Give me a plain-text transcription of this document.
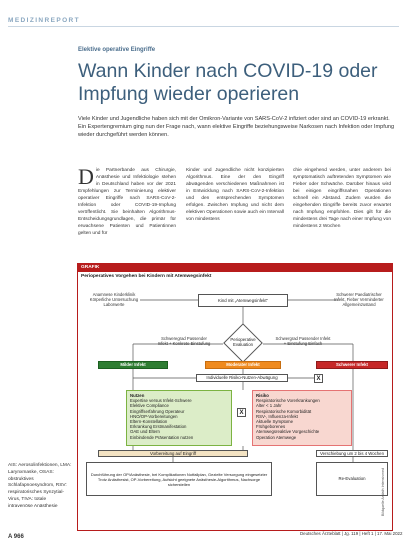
MEDIZINREPORT
Elektive operative Eingriffe
Wann Kinder nach COVID-19 oder Impfung wieder operieren
Viele Kinder und Jugendliche haben sich mit der Omikron-Variante von SARS-CoV-2 infiziert oder sind an COVID-19 erkrankt. Ein Expertengremium ging nun der Frage nach, wann elektive Eingriffe beziehungsweise Narkosen nach Infektion oder Impfung wieder durchgeführt werden können.
Die Partnerbande aus Chirurgie, Anästhesie und Infektiologie stehen in Deutschland haben vor der 2021 Empfehlungen zur Terminierung elektiver operativer Eingriffe nach SARS-CoV-2-Infektion oder COVID-19-Impfung veröffentlicht. Sie beinhalten Algorithmus-Entscheidungsgrundlagen, die primär für erwachsene Patienten und Patientinnen gelten und für
Kinder und Jugendliche nicht konzipierten Algorithmus. Eine der den Eingriff abwägenden verschiedenen Maßnahmen ist in Entwicklung nach SARS-CoV-2-Infektion und den entsprechenden Symptomen erfolgen. Zwischen Impfung und nicht dem elektiven Operationen sowie auch ein Intervall von mindestens
chie eingehend werden, unter anderem bei symptomatisch auftretenden Symptomen wie Fieber oder Schwäche. Darüber hinaus wird bei einigen eingriffsnahen Operationen schnell ein Abstand. Zudem wurden die eingehenden Eingriffe bereits zuvor erwartet nach Impfung empfohlen. Dies gilt für die mindestens drei Tage nach einer Impfung von mindestens 2 Wochen
GRAFIK
Perioperatives Vorgehen bei Kindern mit Atemwegsinfekt
Anamnese Kinderklinik Körperliche Untersuchung Laborwerte
Schwerer Paediatrischer Infekt, Fieber Verminderter Allgemeinzustand
Kind mit „Atemwegsinfekt“
Perioperative Evaluation
Schweregrad Passender Infekt + Konkrete Einstufung
Schwergrad Passender Infekt + Einstufung Einfach
Milder Infekt	Moderater Infekt	Schwerer Infekt
Individuelle Risiko-Nutzen-Abwägung	X
X
Nutzen
Expertise versus Infekt-Schwere
Elektive Compliance
Eingriffserfahrung Operateur
HNO/OP-Vorbereitungen
Eltern-Konstellation
Erkrankung Erstmanifestation
OAE und Eltern
Einbindende Präsentation nutzen
Risiko
Respiratorische Vorerkrankungen
Alter < 1 Jahr
Respiratorische Komorbidität
RSV-, Influenza-Infekt
Aktuelle Symptome
Frühgeborenes
Atemwegsreaktive Vorgeschichte
Operation Atemwege
Vorbereitung auf Eingriff	Verschiebung um 2 bis 4 Wochen
Durchführung der OP/Anästhesie, bei Komplikationen Notfallplan, Gezielte Versorgung eingesetzter Trotz Anästhesist, OP-Vorbereitung, Aufsicht geeignete Anästhesie-Algorithmus, Nachsorge sicherstellen
Re-Evaluation	Bildquelle Anästh Intensivmed
AIS: Aerosolinfektionen, LMA: Larynxmaske, OSAS: obstruktives Schlafapnoesyndrom, RSV: respiratorisches Synzytial-Virus, TIVA: totale intravenöse Anästhesie
A 966
Deutsches Ärzteblatt | Jg. 119 | Heft 1 | 17. Mai 2022
